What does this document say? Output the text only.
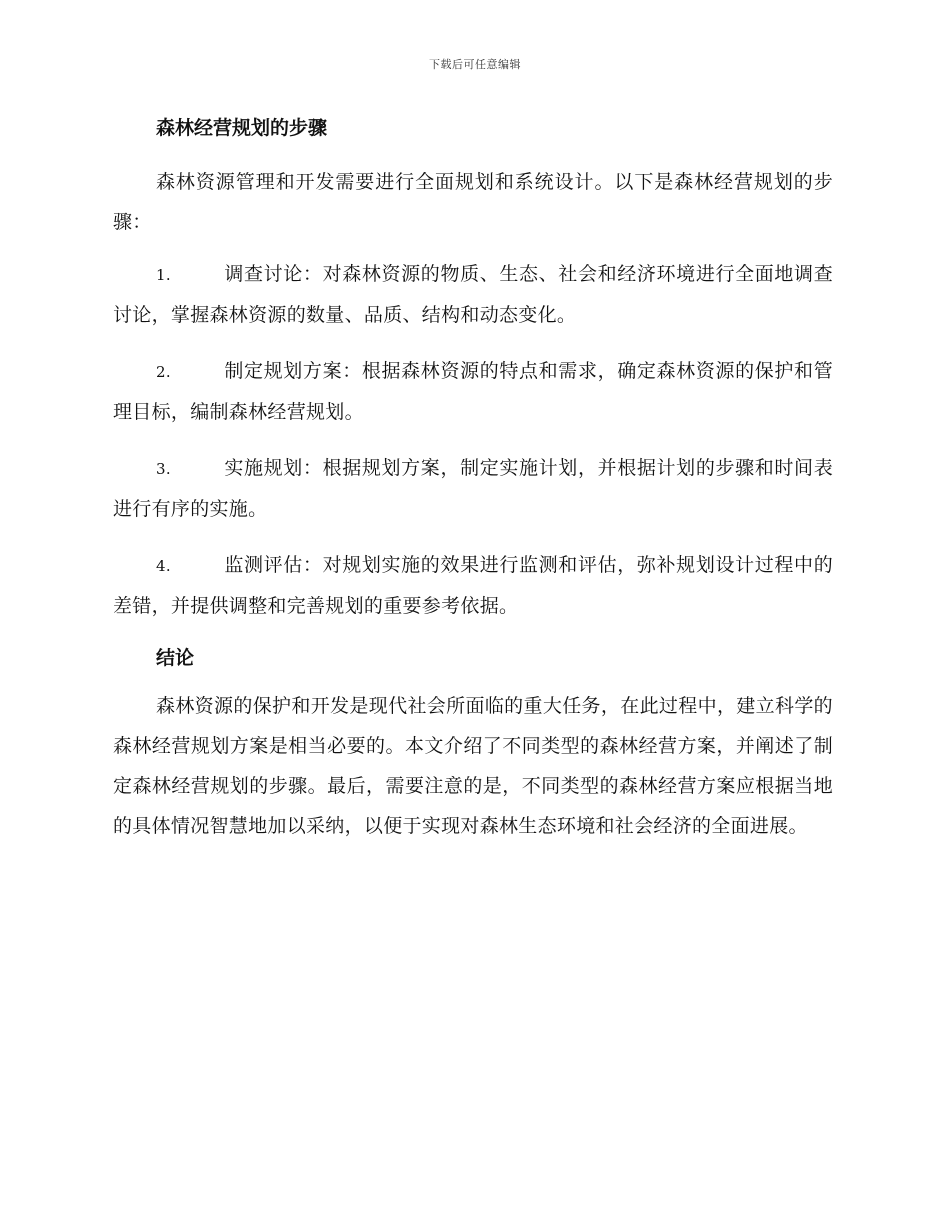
下载后可任意编辑
森林经营规划的步骤

森林资源管理和开发需要进行全面规划和系统设计。以下是森林经营规划的步骤：

1.	调查讨论：对森林资源的物质、生态、社会和经济环境进行全面地调查讨论，掌握森林资源的数量、品质、结构和动态变化。
2.	制定规划方案：根据森林资源的特点和需求，确定森林资源的保护和管理目标，编制森林经营规划。
3.	实施规划：根据规划方案，制定实施计划，并根据计划的步骤和时间表进行有序的实施。
4.	监测评估：对规划实施的效果进行监测和评估，弥补规划设计过程中的差错，并提供调整和完善规划的重要参考依据。
结论

森林资源的保护和开发是现代社会所面临的重大任务，在此过程中，建立科学的森林经营规划方案是相当必要的。本文介绍了不同类型的森林经营方案，并阐述了制定森林经营规划的步骤。最后，需要注意的是，不同类型的森林经营方案应根据当地的具体情况智慧地加以采纳，以便于实现对森林生态环境和社会经济的全面进展。
